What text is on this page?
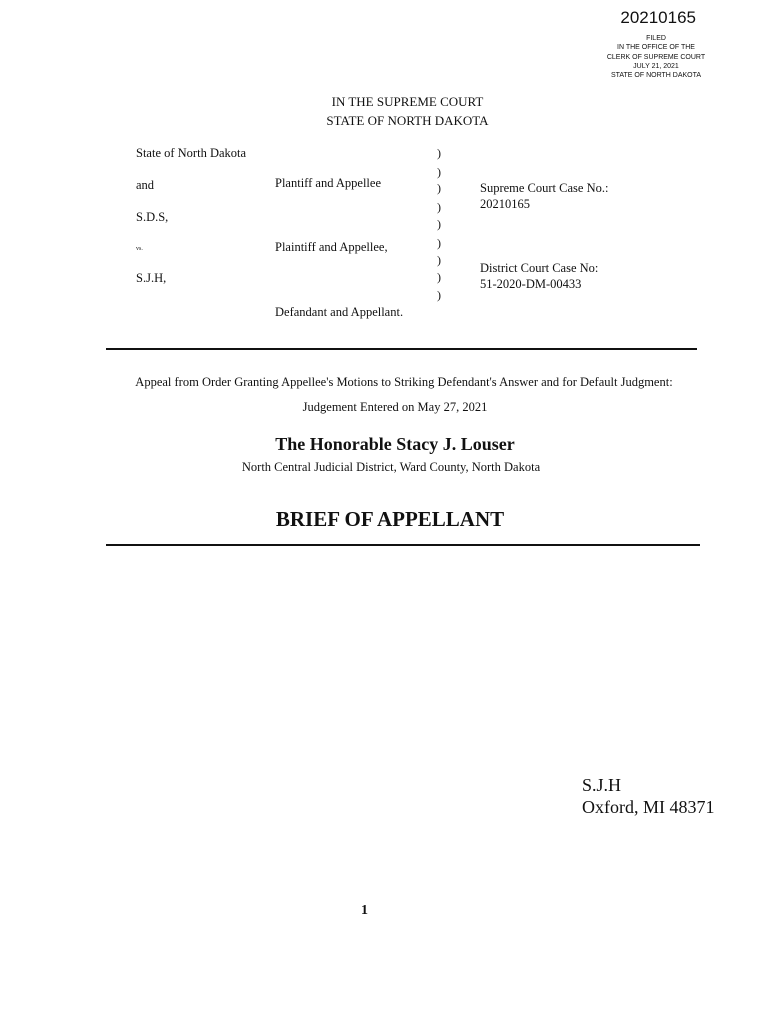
20210165
FILED
IN THE OFFICE OF THE
CLERK OF SUPREME COURT
JULY 21, 2021
STATE OF NORTH DAKOTA
IN THE SUPREME COURT
STATE OF NORTH DAKOTA
State of North Dakota
and
S.D.S,
vs.
S.J.H,
Plantiff and Appellee
Plaintiff and Appellee,
Defandant and Appellant.
)
)
)
)
)
)
)
)
)
Supreme Court Case No.:
20210165
District Court Case No:
51-2020-DM-00433
Appeal from Order Granting Appellee's Motions to Striking Defendant's Answer and for Default Judgment:
Judgement Entered on May 27, 2021
The Honorable Stacy J. Louser
North Central Judicial District, Ward County, North Dakota
BRIEF OF APPELLANT
S.J.H
Oxford, MI 48371
1
